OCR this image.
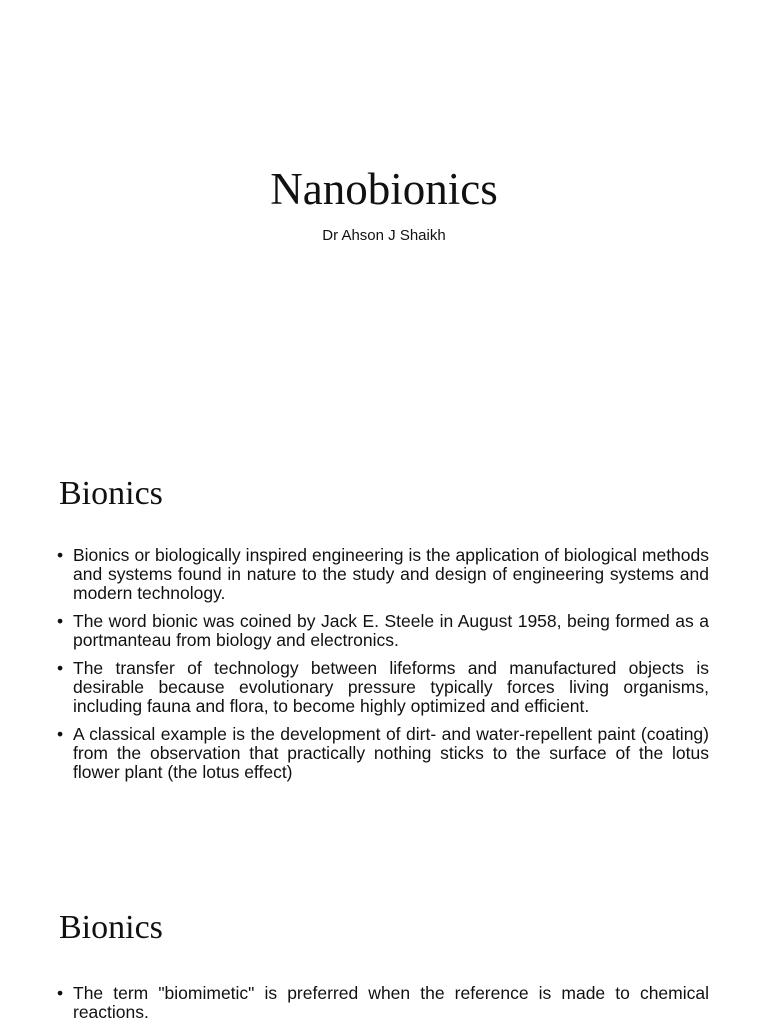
Nanobionics

Dr Ahson J Shaikh

Bionics
• Bionics or biologically inspired engineering is the application of biological methods and systems found in nature to the study and design of engineering systems and modern technology.
• The word bionic was coined by Jack E. Steele in August 1958, being formed as a portmanteau from biology and electronics.
• The transfer of technology between lifeforms and manufactured objects is desirable because evolutionary pressure typically forces living organisms, including fauna and flora, to become highly optimized and efficient.
• A classical example is the development of dirt- and water-repellent paint (coating) from the observation that practically nothing sticks to the surface of the lotus flower plant (the lotus effect)
Bionics
• The term "biomimetic" is preferred when the reference is made to chemical reactions.
